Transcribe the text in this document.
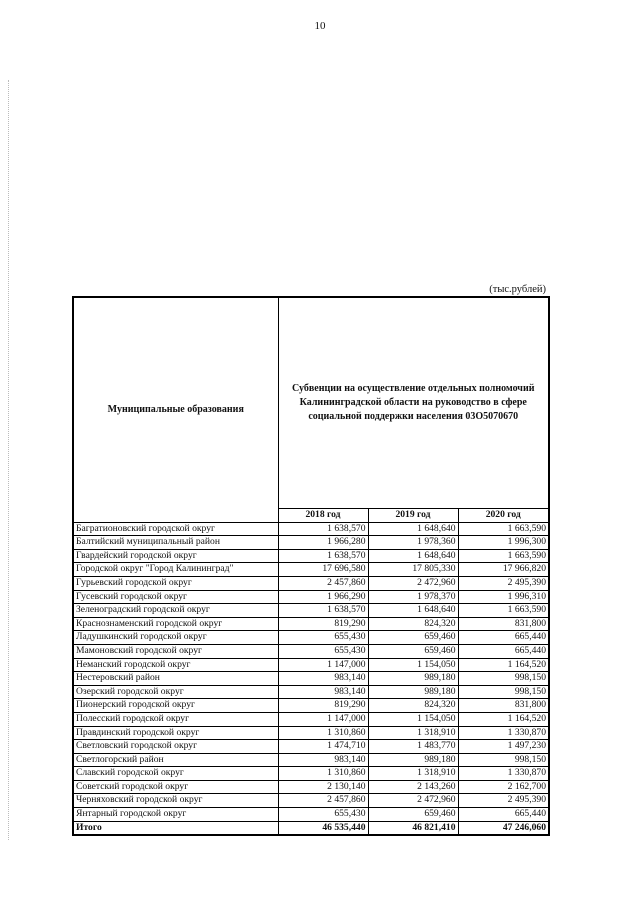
10
(тыс.рублей)
Муниципальные образования	Субвенции на осуществление отдельных полномочий Калининградской области на руководство в сфере социальной поддержки населения 03О5070670		
	2018 год	2019 год	2020 год
Багратионовский городской округ	1 638,570	1 648,640	1 663,590
Балтийский муниципальный район	1 966,280	1 978,360	1 996,300
Гвардейский городской округ	1 638,570	1 648,640	1 663,590
Городской округ "Город Калининград"	17 696,580	17 805,330	17 966,820
Гурьевский городской округ	2 457,860	2 472,960	2 495,390
Гусевский городской округ	1 966,290	1 978,370	1 996,310
Зеленоградский городской округ	1 638,570	1 648,640	1 663,590
Краснознаменский городской округ	819,290	824,320	831,800
Ладушкинский городской округ	655,430	659,460	665,440
Мамоновский городской округ	655,430	659,460	665,440
Неманский городской округ	1 147,000	1 154,050	1 164,520
Нестеровский район	983,140	989,180	998,150
Озерский городской округ	983,140	989,180	998,150
Пионерский городской округ	819,290	824,320	831,800
Полесский городской округ	1 147,000	1 154,050	1 164,520
Правдинский городской округ	1 310,860	1 318,910	1 330,870
Светловский городской округ	1 474,710	1 483,770	1 497,230
Светлогорский район	983,140	989,180	998,150
Славский городской округ	1 310,860	1 318,910	1 330,870
Советский городской округ	2 130,140	2 143,260	2 162,700
Черняховский городской округ	2 457,860	2 472,960	2 495,390
Янтарный городской округ	655,430	659,460	665,440
Итого	46 535,440	46 821,410	47 246,060
